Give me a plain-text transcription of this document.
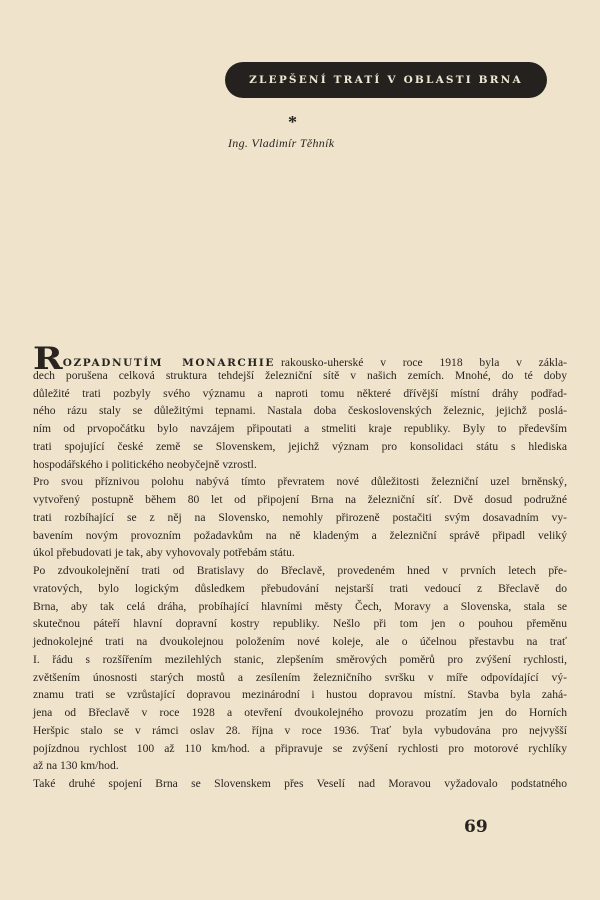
ZLEPŠENÍ TRATÍ V OBLASTI BRNA
*
Ing. Vladimír Těhník
ROZPADNUTÍM MONARCHIE rakousko-uherské v roce 1918 byla v zákla-
dech porušena celková struktura tehdejší železniční sítě v našich zemích. Mnohé, do té doby
důležité trati pozbyly svého významu a naproti tomu některé dřívější místní dráhy podřad-
ného rázu staly se důležitými tepnami. Nastala doba československých železnic, jejichž poslá-
ním od prvopočátku bylo navzájem připoutati a stmeliti kraje republiky. Byly to především
trati spojující české země se Slovenskem, jejichž význam pro konsolidaci státu s hlediska
hospodářského i politického neobyčejně vzrostl.
Pro svou příznivou polohu nabývá tímto převratem nové důležitosti železniční uzel brněnský,
vytvořený postupně během 80 let od připojení Brna na železniční síť. Dvě dosud podružné
trati rozbíhající se z něj na Slovensko, nemohly přirozeně postačiti svým dosavadním vy-
bavením novým provozním požadavkům na ně kladeným a železniční správě připadl veliký
úkol přebudovati je tak, aby vyhovovaly potřebám státu.
Po zdvoukolejnění trati od Bratislavy do Břeclavě, provedeném hned v prvních letech pře-
vratových, bylo logickým důsledkem přebudování nejstarší trati vedoucí z Břeclavě do
Brna, aby tak celá dráha, probíhající hlavními městy Čech, Moravy a Slovenska, stala se
skutečnou páteří hlavní dopravní kostry republiky. Nešlo při tom jen o pouhou přeměnu
jednokolejné trati na dvoukolejnou položením nové koleje, ale o účelnou přestavbu na trať
I. řádu s rozšířením mezilehlých stanic, zlepšením směrových poměrů pro zvýšení rychlosti,
zvětšením únosnosti starých mostů a zesílením železničního svršku v míře odpovídající vý-
znamu trati se vzrůstající dopravou mezinárodní i hustou dopravou místní. Stavba byla zahá-
jena od Břeclavě v roce 1928 a otevření dvoukolejného provozu prozatím jen do Horních
Heršpic stalo se v rámci oslav 28. října v roce 1936. Trať byla vybudována pro nejvyšší
pojízdnou rychlost 100 až 110 km/hod. a připravuje se zvýšení rychlosti pro motorové rychlíky
až na 130 km/hod.
Také druhé spojení Brna se Slovenskem přes Veselí nad Moravou vyžadovalo podstatného
69
